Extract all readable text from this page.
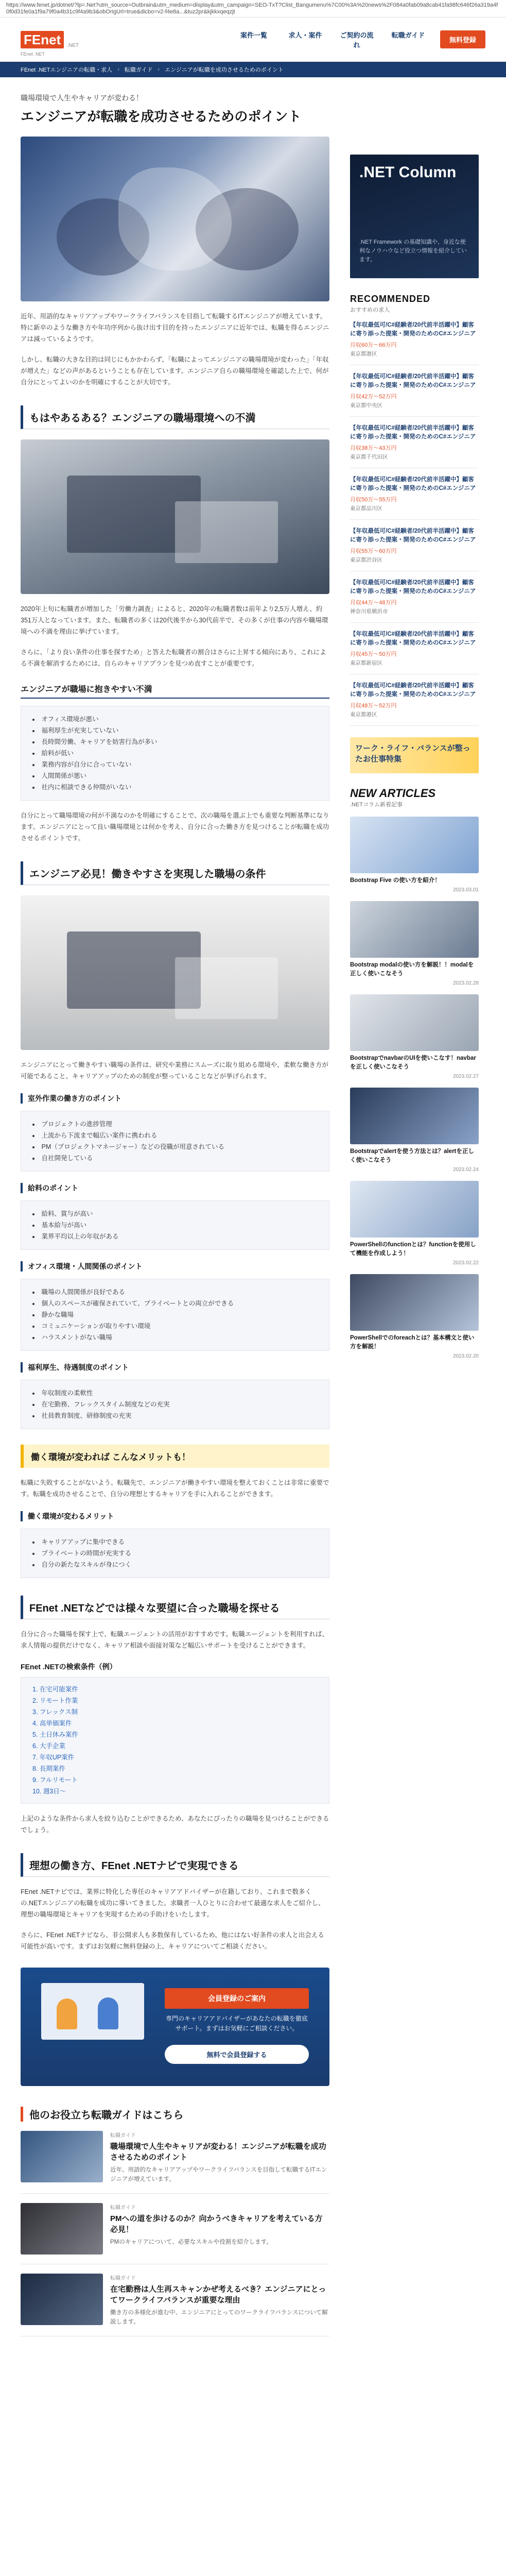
https://www.fenet.jp/dotnet/?lp=.Net?utm_source=Outbrain&utm_medium=display&utm_campaign=SEO-TxT?Clist_Bangumenu%7C00%3A%20news%2F084a0fab09a8cab41fa98fc646f26a319a4f0f0d31fe0a1f9a79f0a4b31c9f4a9b3&obOrigUrl=true&dicbo=v2-f4e8a...&tuz2pr&kjkkxqeqzjt
FEnet	.NET
FEnet .NET
案件一覧	求人・案件	ご契約の流れ
転職ガイド
無料登録
FEnet .NETエンジニアの転職・求人 › 転職ガイド › エンジニアが転職を成功させるためのポイント
職場環境で人生やキャリアが変わる！
エンジニアが転職を成功させるためのポイント

近年、用語的なキャリアアップやワークライフバランスを目指して転職するITエンジニアが増えています。特に新卒のような働き方や年功序列から抜け出す目的を持ったエンジニアに近年では、転職を得るエンジニアは減っているようです。

しかし、転職の大きな目的は同じにもかかわらず、「転職によってエンジニアの職場環境が変わった」「年収が増えた」などの声があるということも存在しています。エンジニア自らの職場環境を確認した上で、何が自分にとってよいのかを明確にすることが大切です。

もはやあるある？エンジニアの職場環境への不満

2020年上旬に転職者が増加した「労働力調査」によると、2020年の転職者数は前年より2,5万人増え、約351万人となっています。また、転職者の多くは20代後半から30代前半で、その多くが仕事の内容や職場環境への不満を理由に挙げています。

さらに、「より良い条件の仕事を探すため」と答えた転職者の割合はさらに上昇する傾向にあり、これによる不満を解消するためには、自らのキャリアプランを見つめ直すことが重要です。

エンジニアが職場に抱きやすい不満
• オフィス環境が悪い
• 福利厚生が充実していない
• 長時間労働、キャリアを妨害行為が多い
• 給料が低い
• 業務内容が自分に合っていない
• 人間関係が悪い
• 社内に相談できる仲間がいない

自分にとって職場環境の何が不満なのかを明確にすることで、次の職場を選ぶ上でも重要な判断基準になります。エンジニアにとって良い職場環境とは何かを考え、自分に合った働き方を見つけることが転職を成功させるポイントです。

エンジニア必見！働きやすさを実現した職場の条件

エンジニアにとって働きやすい職場の条件は、研究や業務にスムーズに取り組める環境や、柔軟な働き方が可能であること、キャリアアップのための制度が整っていることなどが挙げられます。

室外作業の働き方のポイント
• プロジェクトの進捗管理
• 上流から下流まで幅広い案件に携われる
• PM（プロジェクトマネージャー）などの役職が用意されている
• 自社開発している
給料のポイント
• 給料、賞与が高い
• 基本給与が高い
• 業界平均以上の年収がある
オフィス環境・人間関係のポイント
• 職場の人間関係が良好である
• 個人のスペースが確保されていて、プライベートとの両立ができる
• 静かな職場
• コミュニケーションが取りやすい環境
• ハラスメントがない職場
福利厚生、待遇制度のポイント
• 年収制度の柔軟性
• 在宅勤務、フレックスタイム制度などの充実
• 社員教育制度、研修制度の充実
働く環境が変われば こんなメリットも！

転職に失敗することがないよう、転職先で、エンジニアが働きやすい環境を整えておくことは非常に重要です。転職を成功させることで、自分の理想とするキャリアを手に入れることができます。

働く環境が変わるメリット
• キャリアアップに集中できる
• プライベートの時間が充実する
• 自分の新たなスキルが身につく
FEnet .NETなどでは様々な要望に合った職場を探せる

自分に合った職場を探す上で、転職エージェントの活用がおすすめです。転職エージェントを利用すれば、求人情報の提供だけでなく、キャリア相談や面接対策など幅広いサポートを受けることができます。

FEnet .NETの検索条件（例）
1. 在宅可能案件
2. リモート作業
3. フレックス制
4. 高単価案件
5. 土日休み案件
6. 大手企業
7. 年収UP案件
8. 長期案件
9. フルリモート
10. 週3日〜

上記のような条件から求人を絞り込むことができるため、あなたにぴったりの職場を見つけることができるでしょう。

理想の働き方、FEnet .NETナビで実現できる

FEnet .NETナビでは、業界に特化した専任のキャリアアドバイザーが在籍しており、これまで数多くの.NETエンジニアの転職を成功に導いてきました。求職者一人ひとりに合わせて最適な求人をご紹介し、理想の職場環境とキャリアを実現するための手助けをいたします。

さらに、FEnet .NETナビなら、非公開求人も多数保有しているため、他にはない好条件の求人と出会える可能性が高いです。まずはお気軽に無料登録の上、キャリアについてご相談ください。

会員登録のご案内
専門のキャリアアドバイザーがあなたの転職を徹底サポート。まずはお気軽にご相談ください。
無料で会員登録する
他のお役立ち転職ガイドはこちら
転職ガイド
職場環境で人生やキャリアが変わる！エンジニアが転職を成功させるためのポイント
近年、用語的なキャリアアップやワークライフバランスを目指して転職するITエンジニアが増えています。
転職ガイド
PMへの道を歩けるのか？向かうべきキャリアを考えている方必見！
PMのキャリアについて、必要なスキルや役割を紹介します。
転職ガイド
在宅勤務は人生再スキャンかぜ考えるべき？エンジニアにとってワークライフバランスが重要な理由
働き方の多様化が進む中、エンジニアにとってのワークライフバランスについて解説します。
.NET Column
.NET Framework の基礎知識や、身近な便利なノウハウなど役立つ情報を紹介しています。
RECOMMENDED
おすすめの求人
【年収最低可/C#経験者/20代前半活躍中】顧客に寄り添った提案・開発のためのC#エンジニア
月収60万〜66万円
東京都港区
【年収最低可/C#経験者/20代前半活躍中】顧客に寄り添った提案・開発のためのC#エンジニア
月収42万〜52万円
東京都中央区
【年収最低可/C#経験者/20代前半活躍中】顧客に寄り添った提案・開発のためのC#エンジニア
月収38万〜43万円
東京都千代田区
【年収最低可/C#経験者/20代前半活躍中】顧客に寄り添った提案・開発のためのC#エンジニア
月収50万〜55万円
東京都品川区
【年収最低可/C#経験者/20代前半活躍中】顧客に寄り添った提案・開発のためのC#エンジニア
月収55万〜60万円
東京都渋谷区
【年収最低可/C#経験者/20代前半活躍中】顧客に寄り添った提案・開発のためのC#エンジニア
月収44万〜48万円
神奈川県横浜市
【年収最低可/C#経験者/20代前半活躍中】顧客に寄り添った提案・開発のためのC#エンジニア
月収45万〜50万円
東京都新宿区
【年収最低可/C#経験者/20代前半活躍中】顧客に寄り添った提案・開発のためのC#エンジニア
月収48万〜52万円
東京都港区
ワーク・ライフ・バランスが整ったお仕事特集
NEW ARTICLES
.NETコラム新着記事
Bootstrap Five の使い方を紹介！
2023.03.01
Bootstrap modalの使い方を解説！！modalを正しく使いこなそう
2023.02.28
BootstrapでnavbarのUIを使いこなす！navbarを正しく使いこなそう
2023.02.27
Bootstrapでalertを使う方法とは？alertを正しく使いこなそう
2023.02.24
PowerShellのfunctionとは？functionを使用して機能を作成しよう！
2023.02.22
PowerShellでのforeachとは？基本構文と使い方を解説！
2023.02.20
